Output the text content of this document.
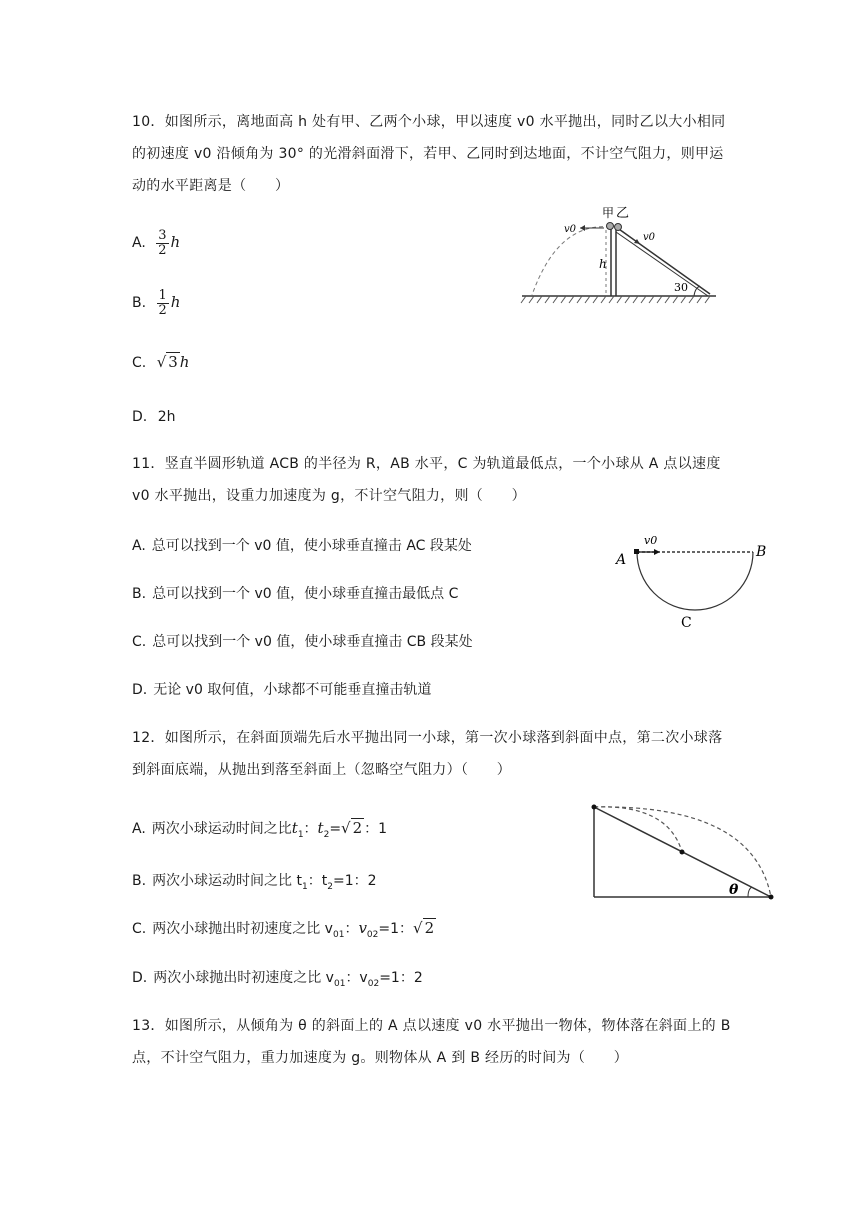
10．如图所示，离地面高 h 处有甲、乙两个小球，甲以速度 v0 水平抛出，同时乙以大小相同的初速度 v0 沿倾角为 30° 的光滑斜面滑下，若甲、乙同时到达地面，不计空气阻力，则甲运动的水平距离是（　　）
A. $\frac{3}{2}$ h
B. $\frac{1}{2}$ h
C. √ 3 h
D. 2h
甲 乙
v0
v0
h
30
11．竖直半圆形轨道 ACB 的半径为 R，AB 水平，C 为轨道最低点，一个小球从 A 点以速度 v0 水平抛出，设重力加速度为 g，不计空气阻力，则（　　）
A. 总可以找到一个 v0 值，使小球垂直撞击 AC 段某处
B. 总可以找到一个 v0 值，使小球垂直撞击最低点 C
C. 总可以找到一个 v0 值，使小球垂直撞击 CB 段某处
D. 无论 v0 取何值，小球都不可能垂直撞击轨道
A	B
C
v0
12．如图所示，在斜面顶端先后水平抛出同一小球，第一次小球落到斜面中点，第二次小球落到斜面底端，从抛出到落至斜面上（忽略空气阻力）（　　）
A. 两次小球运动时间之比$t_1$：$t_2=√$ 2 ：1
B. 两次小球运动时间之比 $t_1$：$t_2=1$：2
C. 两次小球抛出时初速度之比 $v_{01}$：$v_{02}=1$：√ 2
D. 两次小球抛出时初速度之比 $v_{01}$：$v_{02}=1$：2
θ
13．如图所示，从倾角为 θ 的斜面上的 A 点以速度 v0 水平抛出一物体，物体落在斜面上的 B 点，不计空气阻力，重力加速度为 g。则物体从 A 到 B 经历的时间为（　　）
